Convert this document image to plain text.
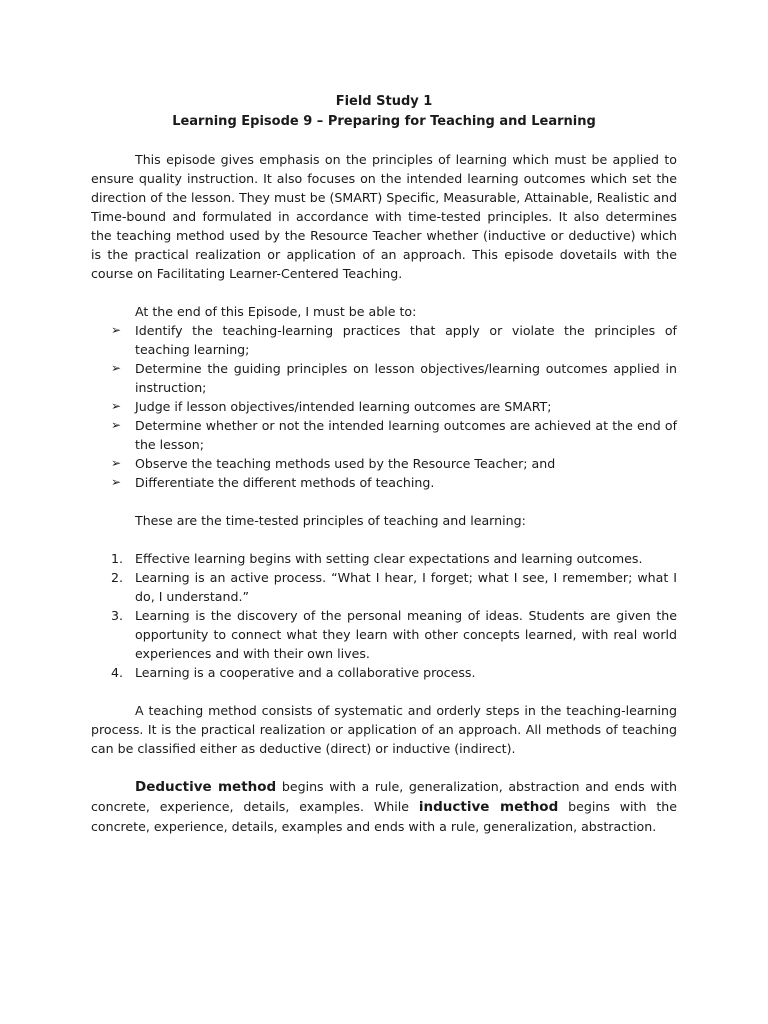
Field Study 1
Learning Episode 9 – Preparing for Teaching and Learning

This episode gives emphasis on the principles of learning which must be applied to ensure quality instruction. It also focuses on the intended learning outcomes which set the direction of the lesson. They must be (SMART) Specific, Measurable, Attainable, Realistic and Time-bound and formulated in accordance with time-tested principles. It also determines the teaching method used by the Resource Teacher whether (inductive or deductive) which is the practical realization or application of an approach. This episode dovetails with the course on Facilitating Learner-Centered Teaching.

At the end of this Episode, I must be able to:

➢ Identify the teaching-learning practices that apply or violate the principles of teaching learning;
➢ Determine the guiding principles on lesson objectives/learning outcomes applied in instruction;
➢ Judge if lesson objectives/intended learning outcomes are SMART;
➢ Determine whether or not the intended learning outcomes are achieved at the end of the lesson;
➢ Observe the teaching methods used by the Resource Teacher; and
➢ Differentiate the different methods of teaching.

These are the time-tested principles of teaching and learning:

1. Effective learning begins with setting clear expectations and learning outcomes.
2. Learning is an active process. “What I hear, I forget; what I see, I remember; what I do, I understand.”
3. Learning is the discovery of the personal meaning of ideas. Students are given the opportunity to connect what they learn with other concepts learned, with real world experiences and with their own lives.
4. Learning is a cooperative and a collaborative process.

A teaching method consists of systematic and orderly steps in the teaching-learning process. It is the practical realization or application of an approach. All methods of teaching can be classified either as deductive (direct) or inductive (indirect).

Deductive method begins with a rule, generalization, abstraction and ends with concrete, experience, details, examples. While inductive method begins with the concrete, experience, details, examples and ends with a rule, generalization, abstraction.
